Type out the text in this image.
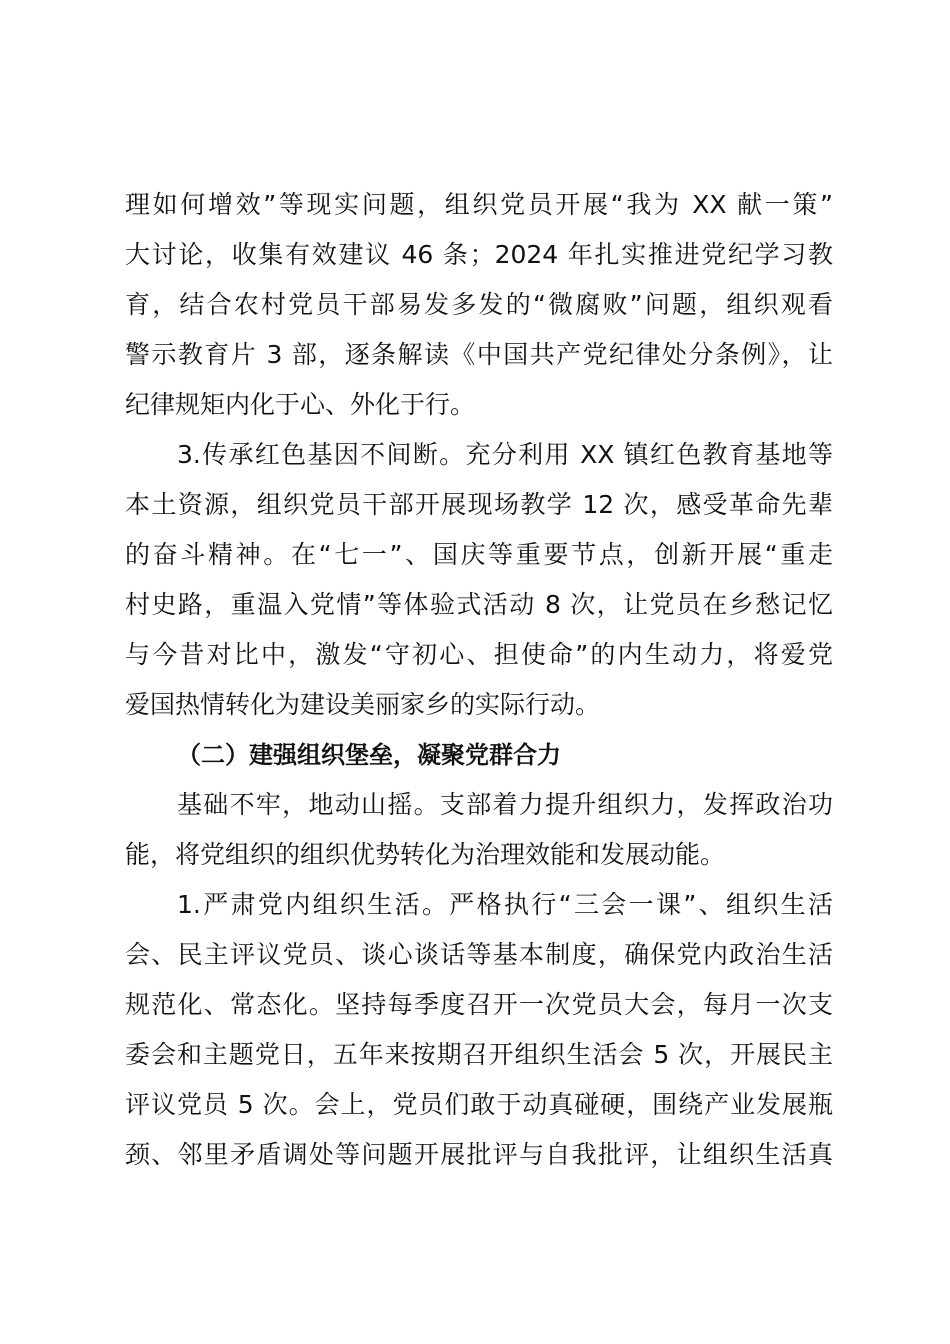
理如何增效”等现实问题，组织党员开展“我为 XX 献一策”
大讨论，收集有效建议 46 条；2024 年扎实推进党纪学习教
育，结合农村党员干部易发多发的“微腐败”问题，组织观看
警示教育片 3 部，逐条解读《中国共产党纪律处分条例》，让
纪律规矩内化于心、外化于行。
3.传承红色基因不间断。充分利用 XX 镇红色教育基地等
本土资源，组织党员干部开展现场教学 12 次，感受革命先辈
的奋斗精神。在“七一”、国庆等重要节点，创新开展“重走
村史路，重温入党情”等体验式活动 8 次，让党员在乡愁记忆
与今昔对比中，激发“守初心、担使命”的内生动力，将爱党
爱国热情转化为建设美丽家乡的实际行动。
（二）建强组织堡垒，凝聚党群合力
基础不牢，地动山摇。支部着力提升组织力，发挥政治功
能，将党组织的组织优势转化为治理效能和发展动能。
1.严肃党内组织生活。严格执行“三会一课”、组织生活
会、民主评议党员、谈心谈话等基本制度，确保党内政治生活
规范化、常态化。坚持每季度召开一次党员大会，每月一次支
委会和主题党日，五年来按期召开组织生活会 5 次，开展民主
评议党员 5 次。会上，党员们敢于动真碰硬，围绕产业发展瓶
颈、邻里矛盾调处等问题开展批评与自我批评，让组织生活真
